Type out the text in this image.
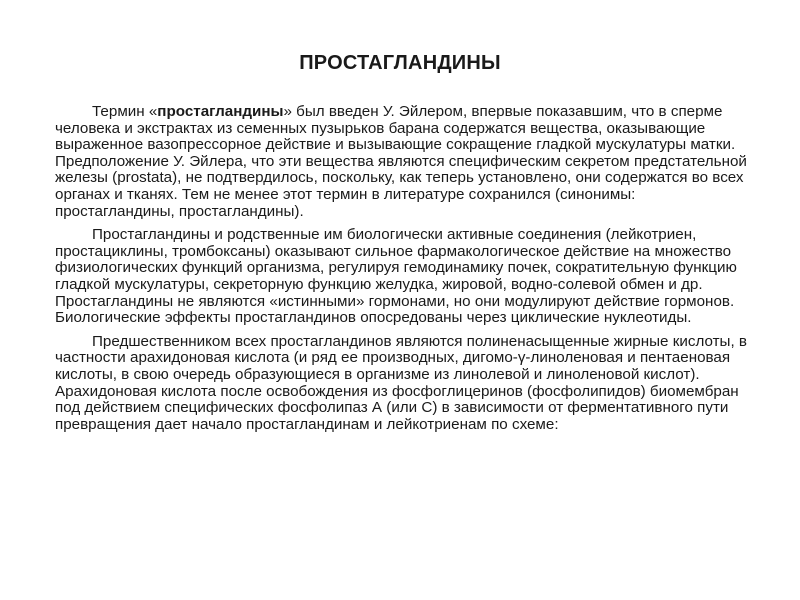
ПРОСТАГЛАНДИНЫ

Термин «простагландины» был введен У. Эйлером, впервые показавшим, что в сперме человека и экстрактах из семенных пузырьков барана содержатся вещества, оказывающие выраженное вазопрессорное действие и вызывающие сокращение гладкой мускулатуры матки. Предположение У. Эйлера, что эти вещества являются специфическим секретом предстательной железы (prostata), не подтвердилось, поскольку, как теперь установлено, они содержатся во всех органах и тканях. Тем не менее этот термин в литературе сохранился (синонимы: простагландины, простагландины).

Простагландины и родственные им биологически активные соединения (лейкотриен, простациклины, тромбоксаны) оказывают сильное фармакологическое действие на множество физиологических функций организма, регулируя гемодинамику почек, сократительную функцию гладкой мускулатуры, секреторную функцию желудка, жировой, водно-солевой обмен и др. Простагландины не являются «истинными» гормонами, но они модулируют действие гормонов. Биологические эффекты простагландинов опосредованы через циклические нуклеотиды.

Предшественником всех простагландинов являются полиненасыщенные жирные кислоты, в частности арахидоновая кислота (и ряд ее производных, дигомо-γ-линоленовая и пентаеновая кислоты, в свою очередь образующиеся в организме из линолевой и линоленовой кислот). Арахидоновая кислота после освобождения из фосфоглицеринов (фосфолипидов) биомембран под действием специфических фосфолипаз А (или С) в зависимости от ферментативного пути превращения дает начало простагландинам и лейкотриенам по схеме:
